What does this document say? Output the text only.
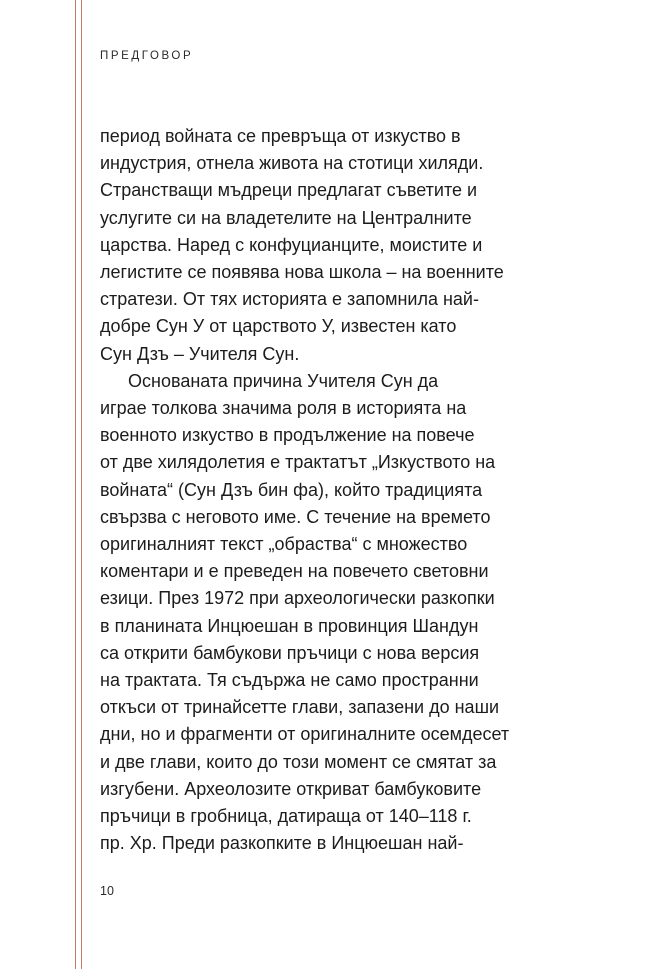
ПРЕДГОВОР

период войната се превръща от изкуство в
индустрия, отнела живота на стотици хиляди.
Странстващи мъдреци предлагат съветите и
услугите си на владетелите на Централните
царства. Наред с конфуцианците, моистите и
легистите се появява нова школа – на военните
стратези. От тях историята е запомнила най-
добре Сун У от царството У, известен като
Сун Дзъ – Учителя Сун.
Основаната причина Учителя Сун да
играе толкова значима роля в историята на
военното изкуство в продължение на повече
от две хилядолетия е трактатът „Изкуството на
войната“ (Сун Дзъ бин фа), който традицията
свързва с неговото име. С течение на времето
оригиналният текст „обраства“ с множество
коментари и е преведен на повечето световни
езици. През 1972 при археологически разкопки
в планината Инцюешан в провинция Шандун
са открити бамбукови пръчици с нова версия
на трактата. Тя съдържа не само пространни
откъси от тринайсетте глави, запазени до наши
дни, но и фрагменти от оригиналните осемдесет
и две глави, които до този момент се смятат за
изгубени. Археолозите откриват бамбуковите
пръчици в гробница, датираща от 140–118 г.
пр. Хр. Преди разкопките в Инцюешан най-

10
